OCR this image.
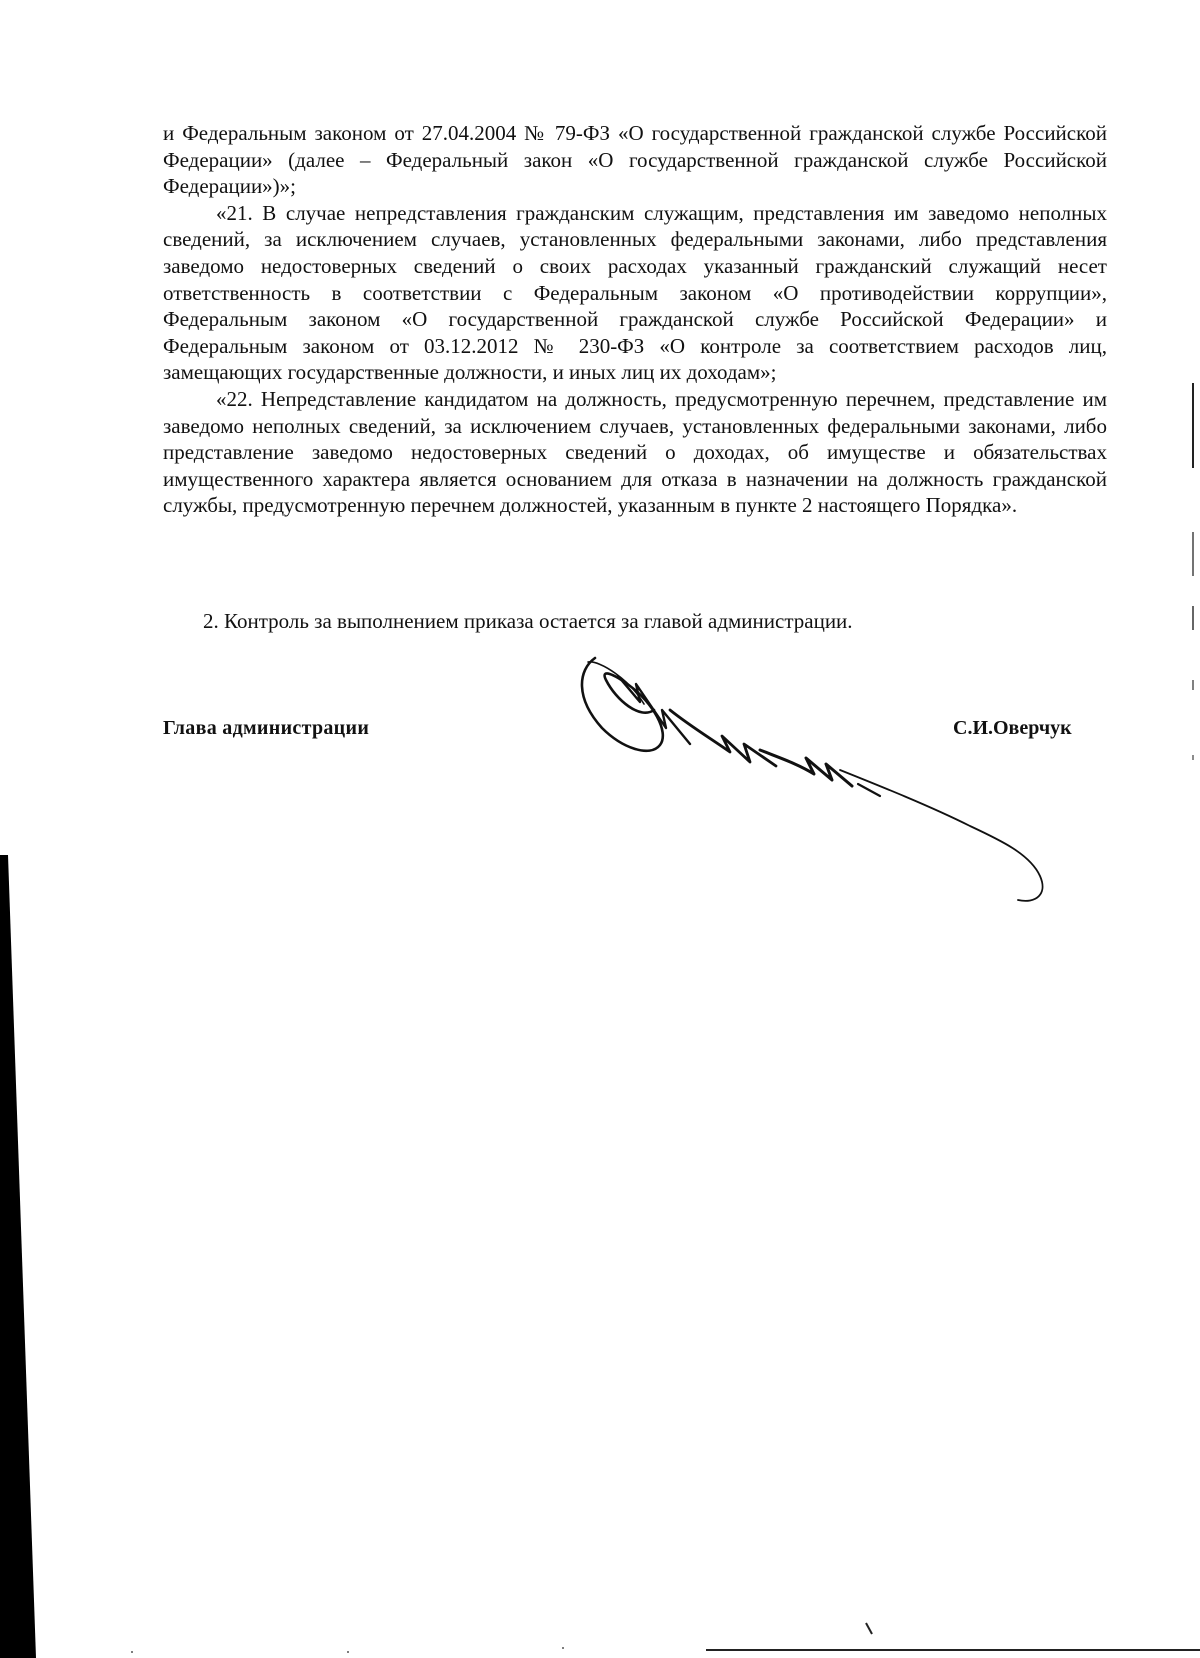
и Федеральным законом от 27.04.2004 № 79-ФЗ «О государственной гражданской службе Российской Федерации» (далее – Федеральный закон «О государственной гражданской службе Российской Федерации»)»;

«21. В случае непредставления гражданским служащим, представления им заведомо неполных сведений, за исключением случаев, установленных федеральными законами, либо представления заведомо недостоверных сведений о своих расходах указанный гражданский служащий несет ответственность в соответствии с Федеральным законом «О противодействии коррупции», Федеральным законом «О государственной гражданской службе Российской Федерации» и Федеральным законом от 03.12.2012 № 230-ФЗ «О контроле за соответствием расходов лиц, замещающих государственные должности, и иных лиц их доходам»;

«22. Непредставление кандидатом на должность, предусмотренную перечнем, представление им заведомо неполных сведений, за исключением случаев, установленных федеральными законами, либо представление заведомо недостоверных сведений о доходах, об имуществе и обязательствах имущественного характера является основанием для отказа в назначении на должность гражданской службы, предусмотренную перечнем должностей, указанным в пункте 2 настоящего Порядка».

2. Контроль за выполнением приказа остается за главой администрации.
Глава администрации	С.И.Оверчук
